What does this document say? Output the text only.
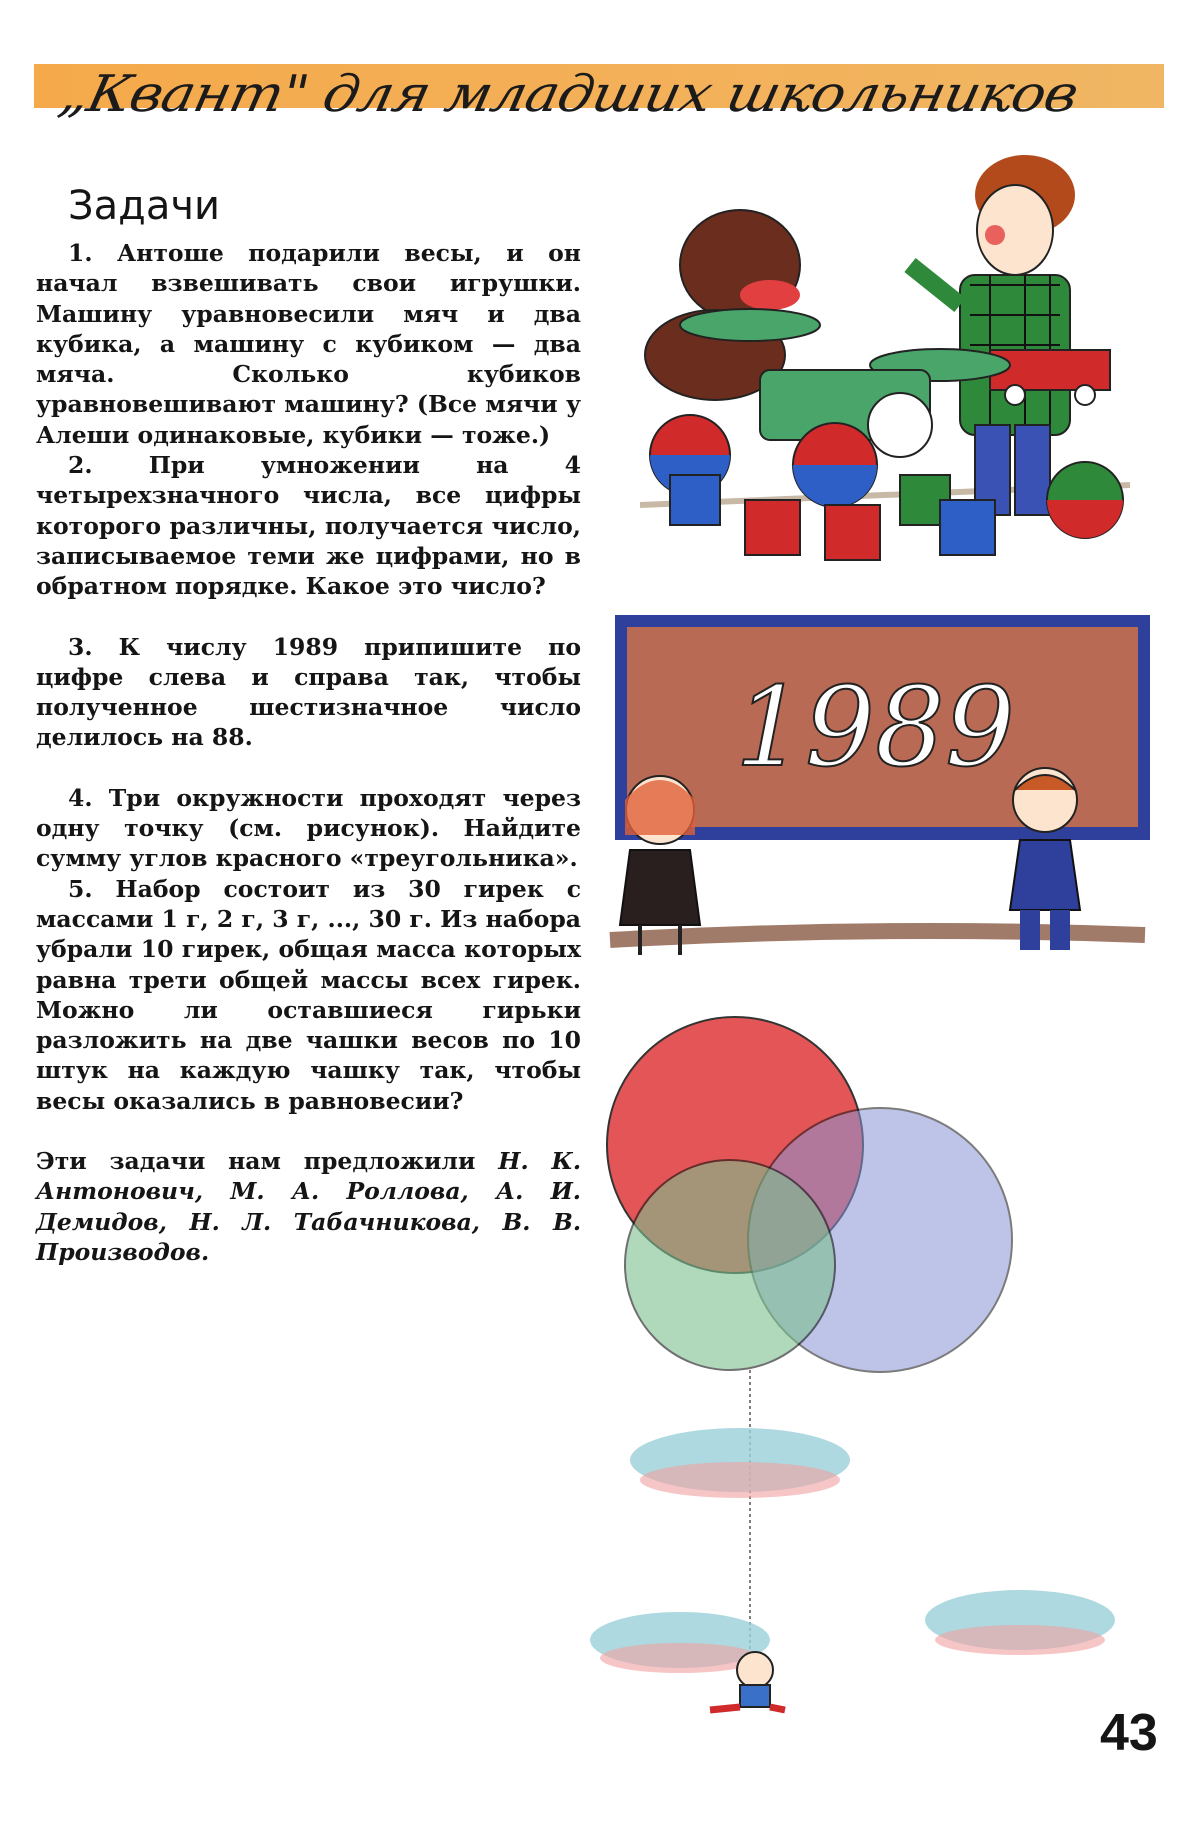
„Квант" для младших школьников
Задачи

1. Антоше подарили весы, и он начал взвешивать свои игрушки. Машину уравновесили мяч и два кубика, а машину с кубиком — два мяча. Сколько кубиков уравновешивают машину? (Все мячи у Алеши одинаковые, кубики — тоже.)

2. При умножении на 4 четырехзначного числа, все цифры которого различны, получается число, записываемое теми же цифрами, но в обратном порядке. Какое это число?

3. К числу 1989 припишите по цифре слева и справа так, чтобы полученное шестизначное число делилось на 88.

4. Три окружности проходят через одну точку (см. рисунок). Найдите сумму углов красного «треугольника».

5. Набор состоит из 30 гирек с массами 1 г, 2 г, 3 г, ..., 30 г. Из набора убрали 10 гирек, общая масса которых равна трети общей массы всех гирек. Можно ли оставшиеся гирьки разложить на две чашки весов по 10 штук на каждую чашку так, чтобы весы оказались в равновесии?

Эти задачи нам предложили Н. К. Антонович, М. А. Роллова, А. И. Демидов, Н. Л. Табачникова, В. В. Производов.

1989
43
